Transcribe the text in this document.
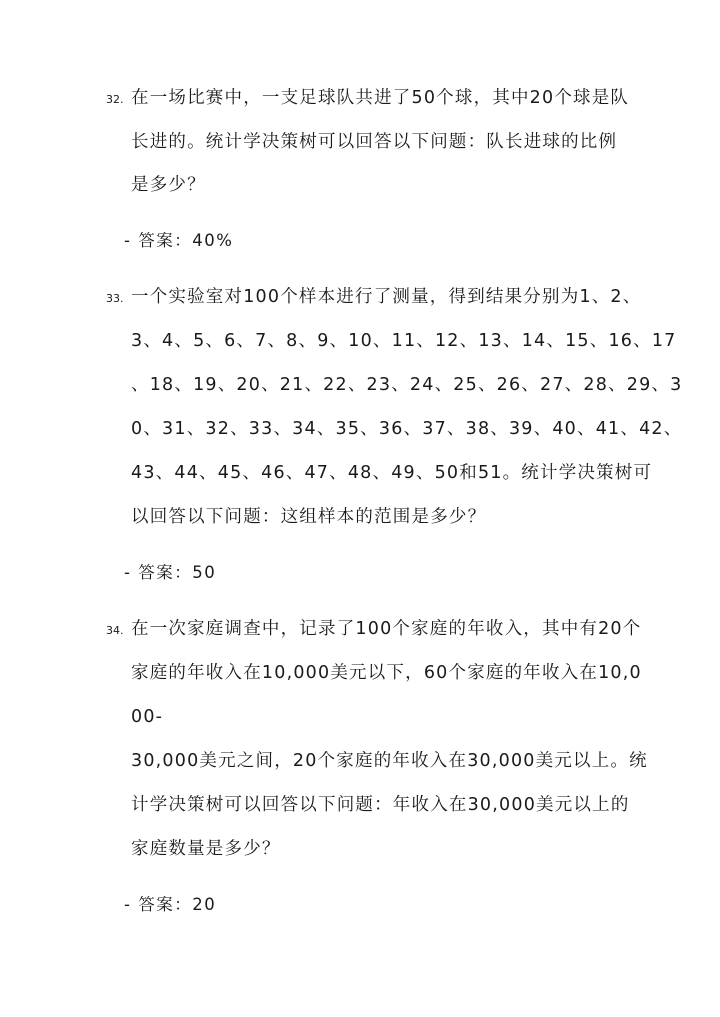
32. 在一场比赛中，一支足球队共进了50个球，其中20个球是队
长进的。统计学决策树可以回答以下问题：队长进球的比例
是多少？
- 答案：40%
33. 一个实验室对100个样本进行了测量，得到结果分别为1、2、
3、4、5、6、7、8、9、10、11、12、13、14、15、16、17
、18、19、20、21、22、23、24、25、26、27、28、29、3
0、31、32、33、34、35、36、37、38、39、40、41、42、
43、44、45、46、47、48、49、50和51。统计学决策树可
以回答以下问题：这组样本的范围是多少？
- 答案：50
34. 在一次家庭调查中，记录了100个家庭的年收入，其中有20个
家庭的年收入在10,000美元以下，60个家庭的年收入在10,0
00-
30,000美元之间，20个家庭的年收入在30,000美元以上。统
计学决策树可以回答以下问题：年收入在30,000美元以上的
家庭数量是多少？
- 答案：20
